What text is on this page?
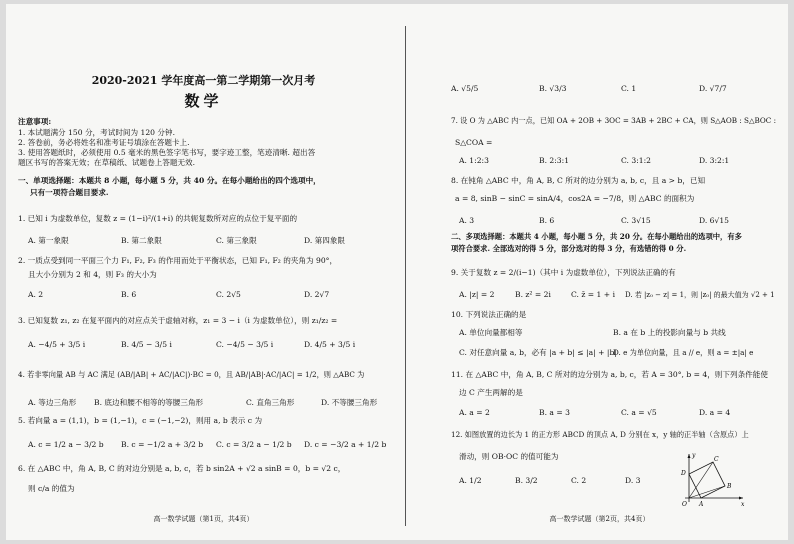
2020-2021 学年度高一第二学期第一次月考
数学
注意事项:
1. 本试题满分 150 分，考试时间为 120 分钟.
2. 答卷前，务必将姓名和准考证号填涂在答题卡上.
3. 使用答题纸时，必须使用 0.5 毫米的黑色签字笔书写，要字迹工整，笔迹清晰. 超出答
题区书写的答案无效；在草稿纸、试题卷上答题无效.
一、单项选择题：本题共 8 小题，每小题 5 分，共 40 分。在每小题给出的四个选项中，
只有一项符合题目要求.
1. 已知 i 为虚数单位，复数 z = (1−i)²/(1+i) 的共轭复数所对应的点位于复平面的
A. 第一象限	B. 第二象限	C. 第三象限	D. 第四象限
2. 一质点受到同一平面三个力 F₁, F₂, F₃ 的作用而处于平衡状态，已知 F₁, F₂ 的夹角为 90°，
且大小分别为 2 和 4，则 F₃ 的大小为
A. 2	B. 6	C. 2√5	D. 2√7
3. 已知复数 z₁, z₂ 在复平面内的对应点关于虚轴对称，z₁ = 3 − i（i 为虚数单位），则 z₁/z₂ =
A. −4/5 + 3/5 i	B. 4/5 − 3/5 i	C. −4/5 − 3/5 i	D. 4/5 + 3/5 i
4. 若非零向量 AB 与 AC 满足 (AB/|AB| + AC/|AC|)·BC = 0，且 AB/|AB|·AC/|AC| = 1/2，则 △ABC 为
A. 等边三角形 B. 底边和腰不相等的等腰三角形	C. 直角三角形	D. 不等腰三角形
5. 若向量 a = (1,1)，b = (1,−1)，c = (−1,−2)，则用 a, b 表示 c 为
A. c = 1/2 a − 3/2 b B. c = −1/2 a + 3/2 b C. c = 3/2 a − 1/2 b D. c = −3/2 a + 1/2 b
6. 在 △ABC 中，角 A, B, C 的对边分别是 a, b, c，若 b sin2A + √2 a sinB = 0，b = √2 c，
则 c/a 的值为
高一数学试题（第1页，共4页）
A. √5/5	B. √3/3	C. 1	D. √7/7
7. 设 O 为 △ABC 内一点，已知 OA + 2OB + 3OC = 3AB + 2BC + CA，则 S△AOB : S△BOC :
S△COA =
A. 1:2:3	B. 2:3:1	C. 3:1:2	D. 3:2:1
8. 在钝角 △ABC 中，角 A, B, C 所对的边分别为 a, b, c，且 a > b，已知
a = 8, sinB − sinC = sinA/4，cos2A = −7/8，则 △ABC 的面积为
A. 3	B. 6	C. 3√15	D. 6√15
二、多项选择题：本题共 4 小题，每小题 5 分，共 20 分。在每小题给出的选项中，有多
项符合要求. 全部选对的得 5 分，部分选对的得 3 分，有选错的得 0 分.
9. 关于复数 z = 2/(i−1)（其中 i 为虚数单位），下列说法正确的有
A. |z| = 2	B. z² = 2i	C. z̄ = 1 + i D. 若 |z₀ − z| = 1，则 |z₀| 的最大值为 √2 + 1
10. 下列说法正确的是
A. 单位向量都相等	B. a 在 b 上的投影向量与 b 共线
C. 对任意向量 a, b，必有 |a + b| ≤ |a| + |b|
D. e 为单位向量，且 a // e，则 a = ±|a| e
11. 在 △ABC 中，角 A, B, C 所对的边分别为 a, b, c，若 A = 30°, b = 4，则下列条件能使
边 C 产生两解的是
A. a = 2	B. a = 3	C. a = √5	D. a = 4
12. 如图放置的边长为 1 的正方形 ABCD 的顶点 A, D 分别在 x，y 轴的正半轴（含原点）上
滑动，则 OB·OC 的值可能为
A. 1/2	B. 3/2	C. 2	D. 3
O A
D
B
C
x
y
高一数学试题（第2页，共4页）
